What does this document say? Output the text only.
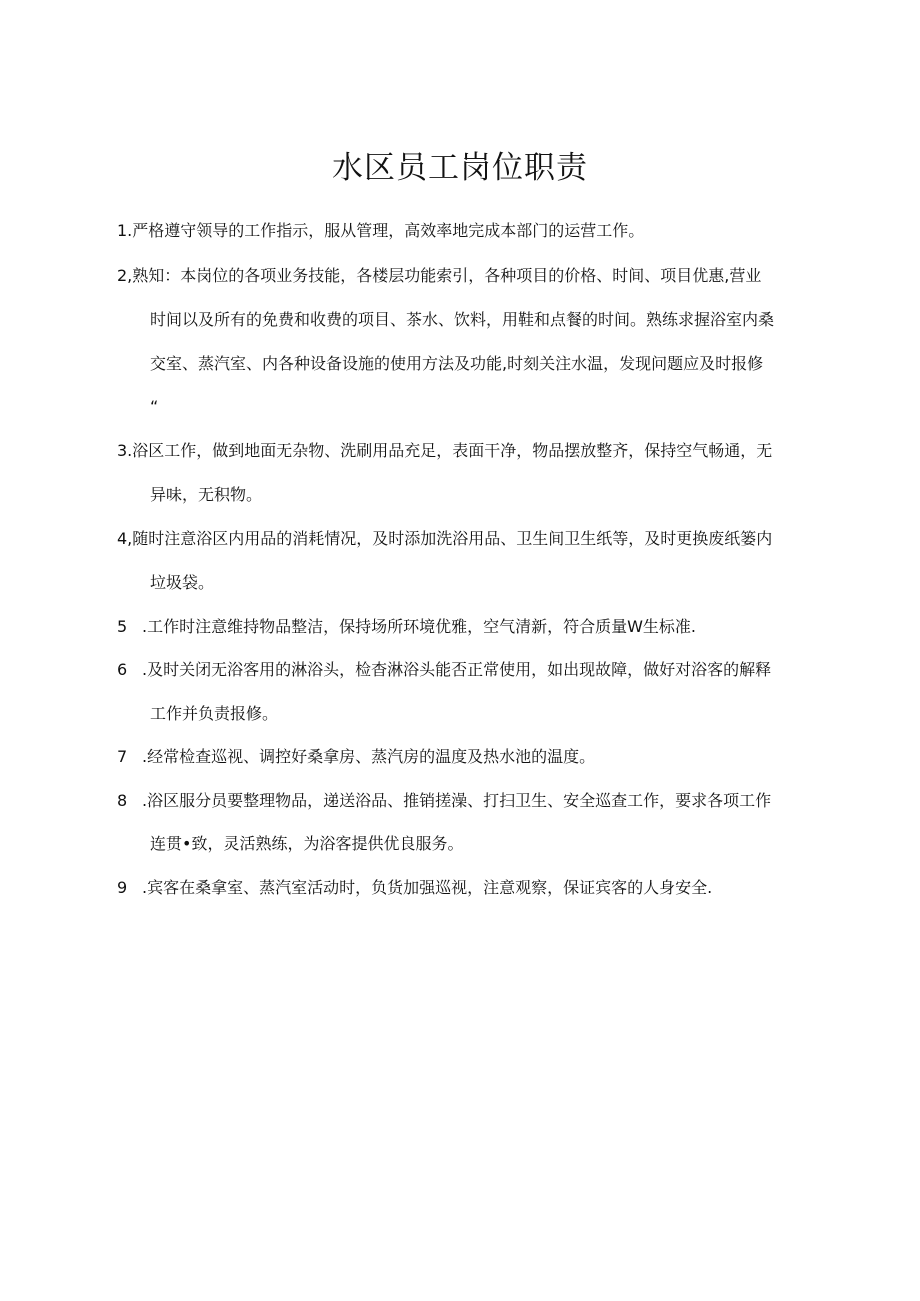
水区员工岗位职责
1.严格遵守领导的工作指示，服从管理，高效率地完成本部门的运营工作。
2,熟知：本岗位的各项业务技能，各楼层功能索引，各种项目的价格、时间、项目优惠,营业
时间以及所有的免费和收费的项目、茶水、饮料，用鞋和点餐的时间。熟练求握浴室内桑
交室、蒸汽室、内各种设备设施的使用方法及功能,时刻关注水温，发现问题应及时报修
“
3.浴区工作，做到地面无杂物、洗刷用品充足，表面干净，物品摆放整齐，保持空气畅通，无
异味，无积物。
4,随时注意浴区内用品的消耗情况，及时添加洗浴用品、卫生间卫生纸等，及时更换废纸篓内
垃圾袋。
5 .工作时注意维持物品整洁，保持场所环境优雅，空气清新，符合质量W生标准.
6 .及时关闭无浴客用的淋浴头，检杳淋浴头能否正常使用，如出现故障，做好对浴客的解释
工作并负责报修。
7 .经常检查巡视、调控好桑拿房、蒸汽房的温度及热水池的温度。
8 .浴区服分员要整理物品，递送浴品、推销搓澡、打扫卫生、安全巡查工作，要求各项工作
连贯•致，灵活熟练，为浴客提供优良服务。
9 .宾客在桑拿室、蒸汽室活动时，负货加强巡视，注意观察，保证宾客的人身安全.
